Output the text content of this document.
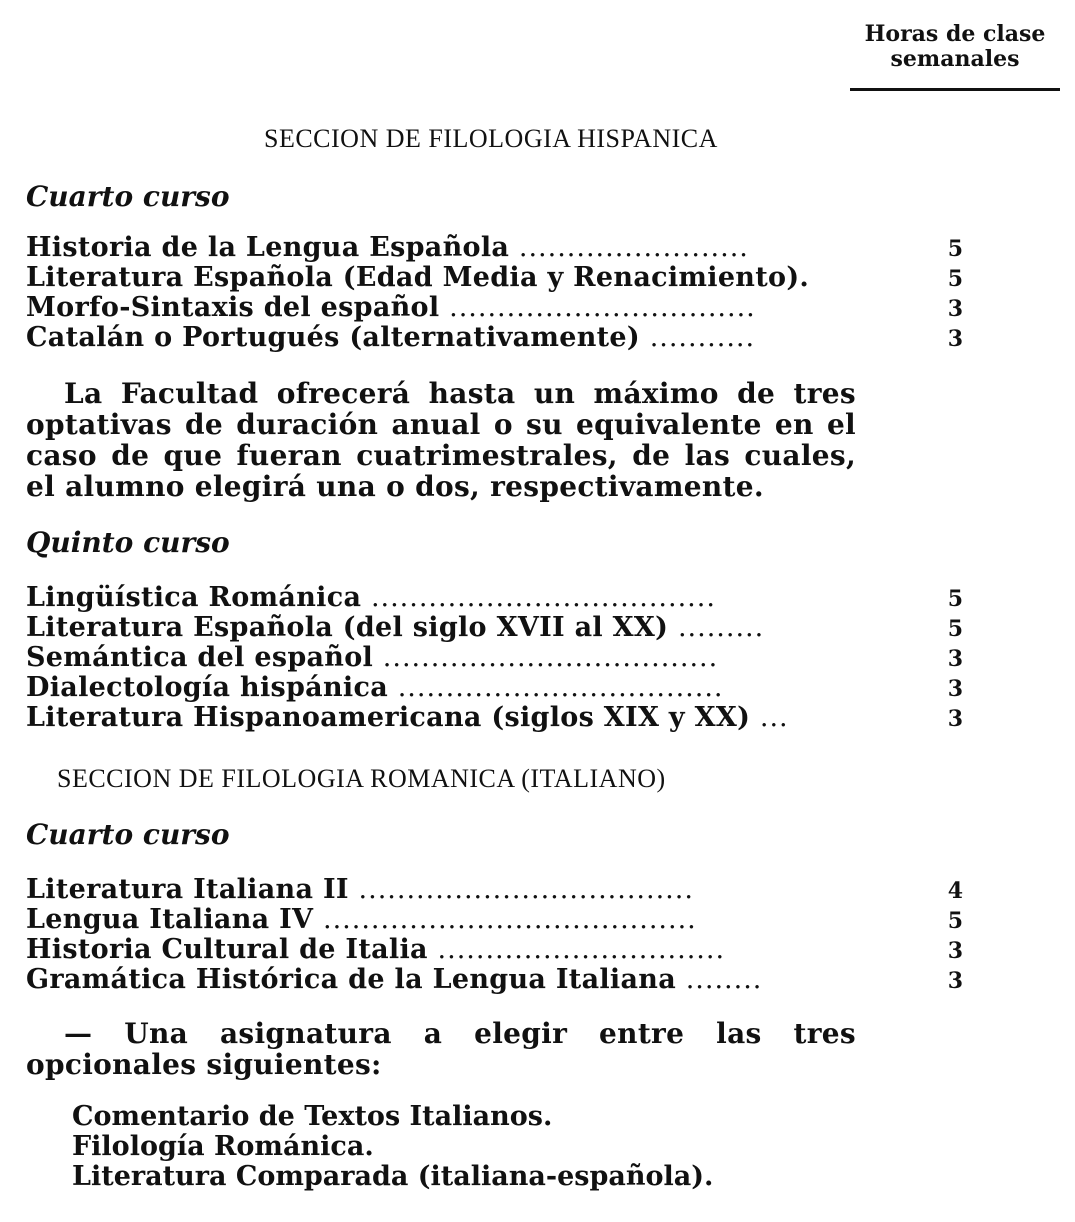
Horas de clase
semanales
SECCION DE FILOLOGIA HISPANICA
Cuarto curso
Historia de la Lengua Española ........................	5
Literatura Española (Edad Media y Renacimiento).	5
Morfo-Sintaxis del español ................................	3
Catalán o Portugués (alternativamente) ...........	3
La Facultad ofrecerá hasta un máximo de tres optativas de duración anual o su equivalente en el caso de que fueran cuatrimestrales, de las cuales, el alumno elegirá una o dos, respectivamente.
Quinto curso
Lingüística Románica ....................................	5
Literatura Española (del siglo XVII al XX) .........	5
Semántica del español ...................................	3
Dialectología hispánica ..................................	3
Literatura Hispanoamericana (siglos XIX y XX) ...	3
SECCION DE FILOLOGIA ROMANICA (ITALIANO)
Cuarto curso
Literatura Italiana II ...................................	4
Lengua Italiana IV .......................................	5
Historia Cultural de Italia ..............................	3
Gramática Histórica de la Lengua Italiana ........	3
— Una asignatura a elegir entre las tres opcionales siguientes:
Comentario de Textos Italianos.
Filología Románica.
Literatura Comparada (italiana-española).
